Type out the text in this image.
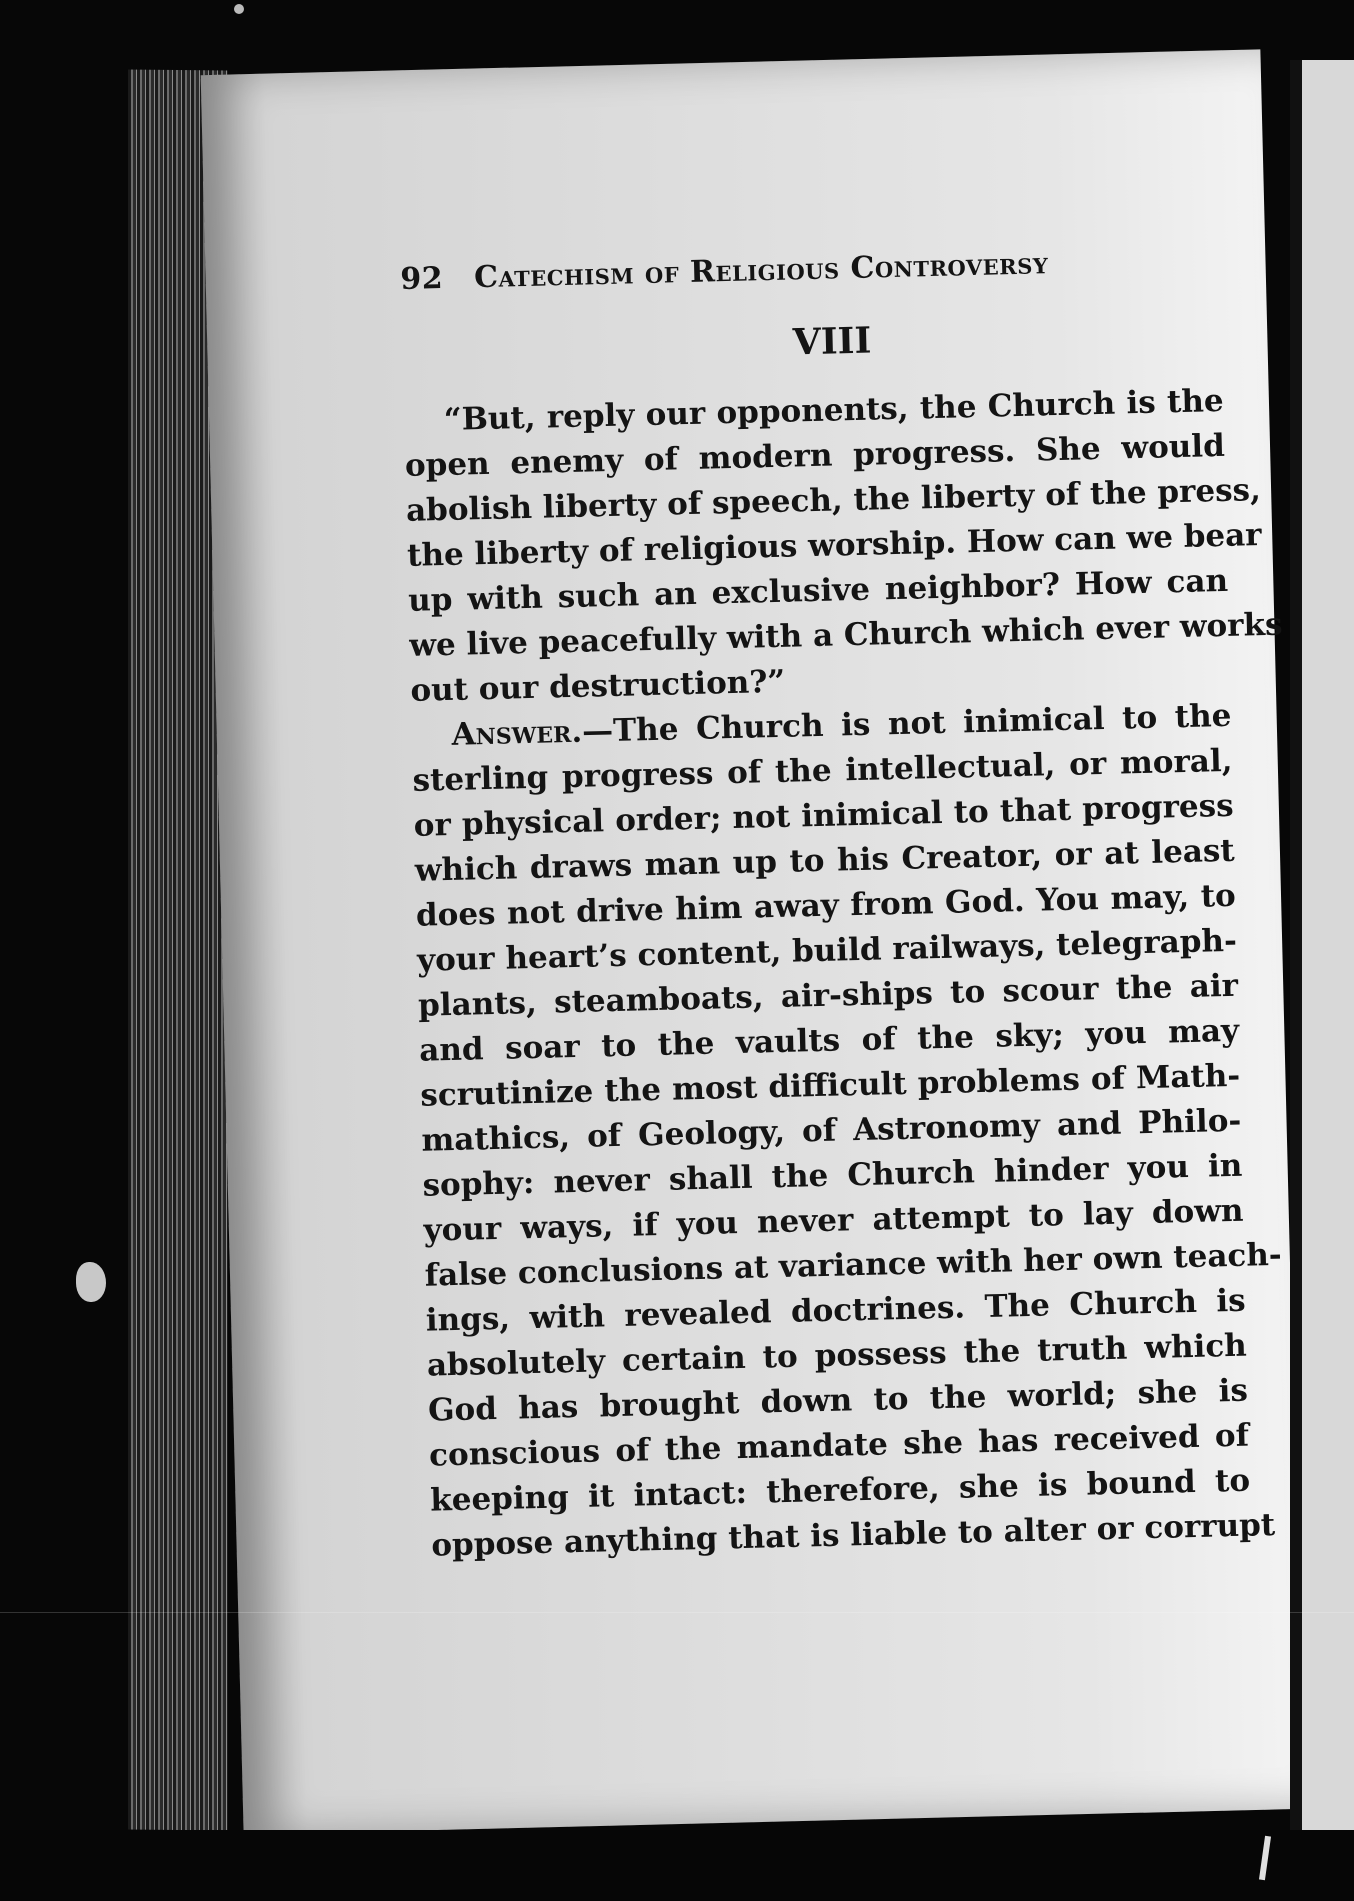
92 Catechism of Religious Controversy
VIII

“But, reply our opponents, the Church is the
open enemy of modern progress. She would
abolish liberty of speech, the liberty of the press,
the liberty of religious worship. How can we bear
up with such an exclusive neighbor? How can
we live peacefully with a Church which ever works
out our destruction?”

Answer.—The Church is not inimical to the
sterling progress of the intellectual, or moral,
or physical order; not inimical to that progress
which draws man up to his Creator, or at least
does not drive him away from God. You may, to
your heart’s content, build railways, telegraph-
plants, steamboats, air-ships to scour the air
and soar to the vaults of the sky; you may
scrutinize the most difficult problems of Math-
mathics, of Geology, of Astronomy and Philo-
sophy: never shall the Church hinder you in
your ways, if you never attempt to lay down
false conclusions at variance with her own teach-
ings, with revealed doctrines. The Church is
absolutely certain to possess the truth which
God has brought down to the world; she is
conscious of the mandate she has received of
keeping it intact: therefore, she is bound to
oppose anything that is liable to alter or corrupt
